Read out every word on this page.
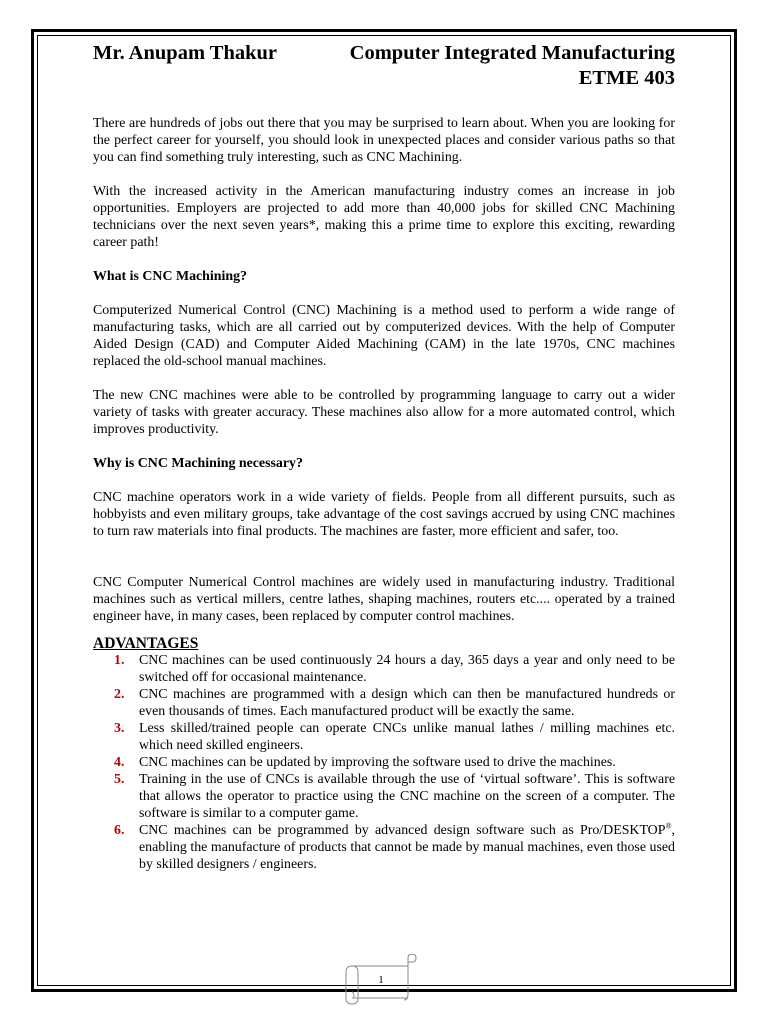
Mr. Anupam Thakur	Computer Integrated Manufacturing
ETME 403

There are hundreds of jobs out there that you may be surprised to learn about. When you are looking for the perfect career for yourself, you should look in unexpected places and consider various paths so that you can find something truly interesting, such as CNC Machining.

With the increased activity in the American manufacturing industry comes an increase in job opportunities. Employers are projected to add more than 40,000 jobs for skilled CNC Machining technicians over the next seven years*, making this a prime time to explore this exciting, rewarding career path!

What is CNC Machining?

Computerized Numerical Control (CNC) Machining is a method used to perform a wide range of manufacturing tasks, which are all carried out by computerized devices. With the help of Computer Aided Design (CAD) and Computer Aided Machining (CAM) in the late 1970s, CNC machines replaced the old-school manual machines.

The new CNC machines were able to be controlled by programming language to carry out a wider variety of tasks with greater accuracy. These machines also allow for a more automated control, which improves productivity.

Why is CNC Machining necessary?

CNC machine operators work in a wide variety of fields. People from all different pursuits, such as hobbyists and even military groups, take advantage of the cost savings accrued by using CNC machines to turn raw materials into final products. The machines are faster, more efficient and safer, too.

CNC Computer Numerical Control machines are widely used in manufacturing industry. Traditional machines such as vertical millers, centre lathes, shaping machines, routers etc.... operated by a trained engineer have, in many cases, been replaced by computer control machines.

ADVANTAGES

1.	CNC machines can be used continuously 24 hours a day, 365 days a year and only need to be switched off for occasional maintenance.
2.	CNC machines are programmed with a design which can then be manufactured hundreds or even thousands of times. Each manufactured product will be exactly the same.
3.	Less skilled/trained people can operate CNCs unlike manual lathes / milling machines etc. which need skilled engineers.
4.	CNC machines can be updated by improving the software used to drive the machines.
5.	Training in the use of CNCs is available through the use of ‘virtual software’. This is software that allows the operator to practice using the CNC machine on the screen of a computer. The software is similar to a computer game.
6.	CNC machines can be programmed by advanced design software such as Pro/DESKTOP®, enabling the manufacture of products that cannot be made by manual machines, even those used by skilled designers / engineers.
1
